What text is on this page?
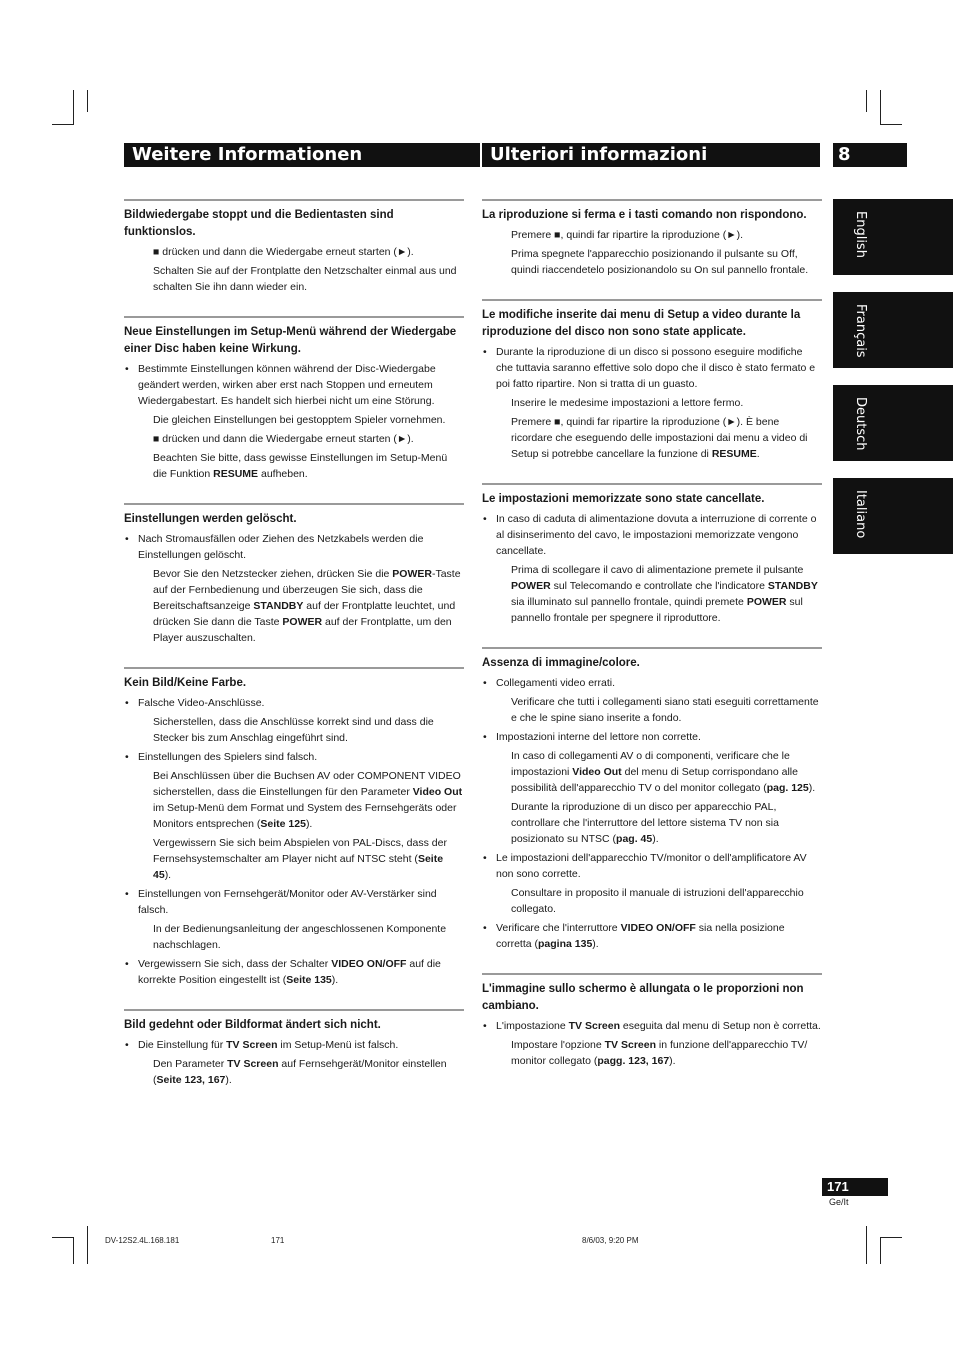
Weitere Informationen	Ulteriori informazioni	8
English
Français
Deutsch
Italiano
Bildwiedergabe stoppt und die Bedientasten sind funktionslos.
■ drücken und dann die Wiedergabe erneut starten (►).
Schalten Sie auf der Frontplatte den Netzschalter einmal aus und schalten Sie ihn dann wieder ein.
Neue Einstellungen im Setup-Menü während der Wiedergabe einer Disc haben keine Wirkung.
• Bestimmte Einstellungen können während der Disc-Wiedergabe geändert werden, wirken aber erst nach Stoppen und erneutem Wiedergabestart. Es handelt sich hierbei nicht um eine Störung.
Die gleichen Einstellungen bei gestopptem Spieler vornehmen.
■ drücken und dann die Wiedergabe erneut starten (►).
Beachten Sie bitte, dass gewisse Einstellungen im Setup-Menü die Funktion RESUME aufheben.
Einstellungen werden gelöscht.
• Nach Stromausfällen oder Ziehen des Netzkabels werden die Einstellungen gelöscht.
Bevor Sie den Netzstecker ziehen, drücken Sie die POWER-Taste auf der Fernbedienung und überzeugen Sie sich, dass die Bereitschaftsanzeige STANDBY auf der Frontplatte leuchtet, und drücken Sie dann die Taste POWER auf der Frontplatte, um den Player auszuschalten.
Kein Bild/Keine Farbe.
• Falsche Video-Anschlüsse.
Sicherstellen, dass die Anschlüsse korrekt sind und dass die Stecker bis zum Anschlag eingeführt sind.
• Einstellungen des Spielers sind falsch.
Bei Anschlüssen über die Buchsen AV oder COMPONENT VIDEO sicherstellen, dass die Einstellungen für den Parameter Video Out im Setup-Menü dem Format und System des Fernsehgeräts oder Monitors entsprechen (Seite 125).
Vergewissern Sie sich beim Abspielen von PAL-Discs, dass der Fernsehsystemschalter am Player nicht auf NTSC steht (Seite 45).
• Einstellungen von Fernsehgerät/Monitor oder AV-Verstärker sind falsch.
In der Bedienungsanleitung der angeschlossenen Komponente nachschlagen.
• Vergewissern Sie sich, dass der Schalter VIDEO ON/OFF auf die korrekte Position eingestellt ist (Seite 135).
Bild gedehnt oder Bildformat ändert sich nicht.
• Die Einstellung für TV Screen im Setup-Menü ist falsch.
Den Parameter TV Screen auf Fernsehgerät/Monitor einstellen (Seite 123, 167).
La riproduzione si ferma e i tasti comando non rispondono.
Premere ■, quindi far ripartire la riproduzione (►).
Prima spegnete l'apparecchio posizionando il pulsante su Off, quindi riaccendetelo posizionandolo su On sul pannello frontale.
Le modifiche inserite dai menu di Setup a video durante la riproduzione del disco non sono state applicate.
• Durante la riproduzione di un disco si possono eseguire modifiche che tuttavia saranno effettive solo dopo che il disco è stato fermato e poi fatto ripartire. Non si tratta di un guasto.
Inserire le medesime impostazioni a lettore fermo.
Premere ■, quindi far ripartire la riproduzione (►). È bene ricordare che eseguendo delle impostazioni dai menu a video di Setup si potrebbe cancellare la funzione di RESUME.
Le impostazioni memorizzate sono state cancellate.
• In caso di caduta di alimentazione dovuta a interruzione di corrente o al disinserimento del cavo, le impostazioni memorizzate vengono cancellate.
Prima di scollegare il cavo di alimentazione premete il pulsante POWER sul Telecomando e controllate che l'indicatore STANDBY sia illuminato sul pannello frontale, quindi premete POWER sul pannello frontale per spegnere il riproduttore.
Assenza di immagine/colore.
• Collegamenti video errati.
Verificare che tutti i collegamenti siano stati eseguiti correttamente e che le spine siano inserite a fondo.
• Impostazioni interne del lettore non corrette.
In caso di collegamenti AV o di componenti, verificare che le impostazioni Video Out del menu di Setup corrispondano alle possibilità dell'apparecchio TV o del monitor collegato (pag. 125).
Durante la riproduzione di un disco per apparecchio PAL, controllare che l'interruttore del lettore sistema TV non sia posizionato su NTSC (pag. 45).
• Le impostazioni dell'apparecchio TV/monitor o dell'amplificatore AV non sono corrette.
Consultare in proposito il manuale di istruzioni dell'apparecchio collegato.
• Verificare che l'interruttore VIDEO ON/OFF sia nella posizione corretta (pagina 135).
L'immagine sullo schermo è allungata o le proporzioni non cambiano.
• L'impostazione TV Screen eseguita dal menu di Setup non è corretta.
Impostare l'opzione TV Screen in funzione dell'apparecchio TV/ monitor collegato (pagg. 123, 167).
171
Ge/It
DV-12S2.4L.168.181	171	8/6/03, 9:20 PM
